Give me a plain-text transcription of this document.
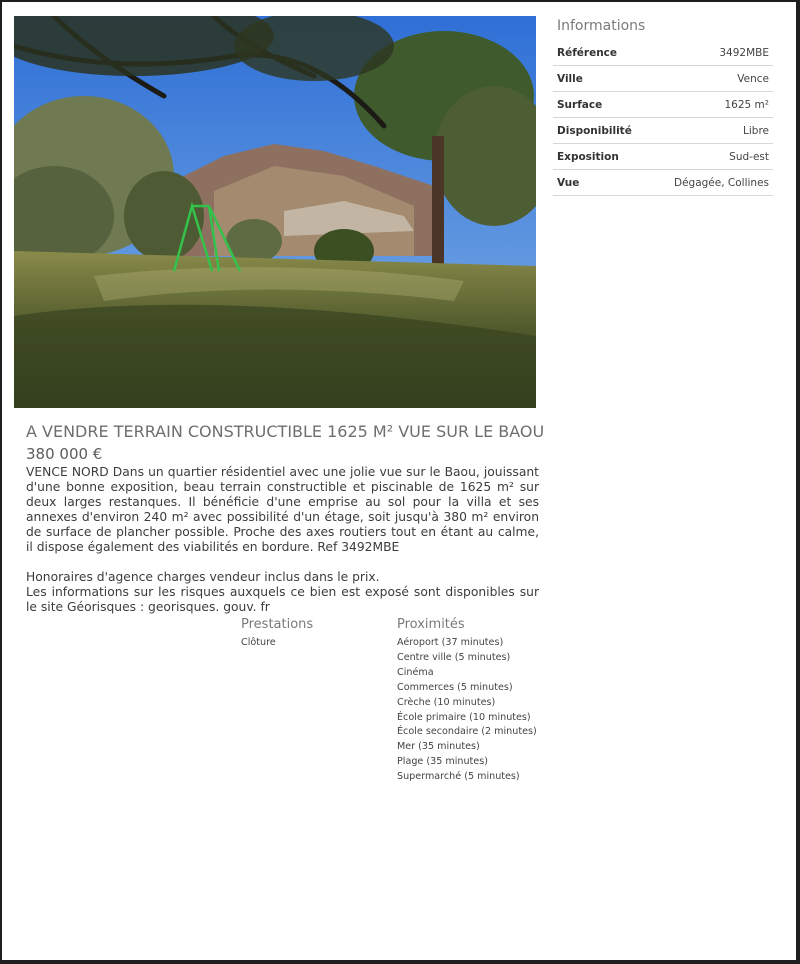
Informations
Référence	3492MBE
Ville	Vence
Surface	1625 m²
Disponibilité	Libre
Exposition	Sud-est
Vue	Dégagée, Collines
A VENDRE TERRAIN CONSTRUCTIBLE 1625 M² VUE SUR LE BAOU
380 000 €

VENCE NORD Dans un quartier résidentiel avec une jolie vue sur le Baou, jouissant d'une bonne exposition, beau terrain constructible et piscinable de 1625 m² sur deux larges restanques. Il bénéficie d'une emprise au sol pour la villa et ses annexes d'environ 240 m² avec possibilité d'un étage, soit jusqu'à 380 m² environ de surface de plancher possible. Proche des axes routiers tout en étant au calme, il dispose également des viabilités en bordure. Ref 3492MBE

Honoraires d'agence charges vendeur inclus dans le prix.

Les informations sur les risques auxquels ce bien est exposé sont disponibles sur le site Géorisques : georisques. gouv. fr

Prestations
Clôture
Proximités
Aéroport (37 minutes)
Centre ville (5 minutes)
Cinéma
Commerces (5 minutes)
Crèche (10 minutes)
École primaire (10 minutes)
École secondaire (2 minutes)
Mer (35 minutes)
Plage (35 minutes)
Supermarché (5 minutes)
